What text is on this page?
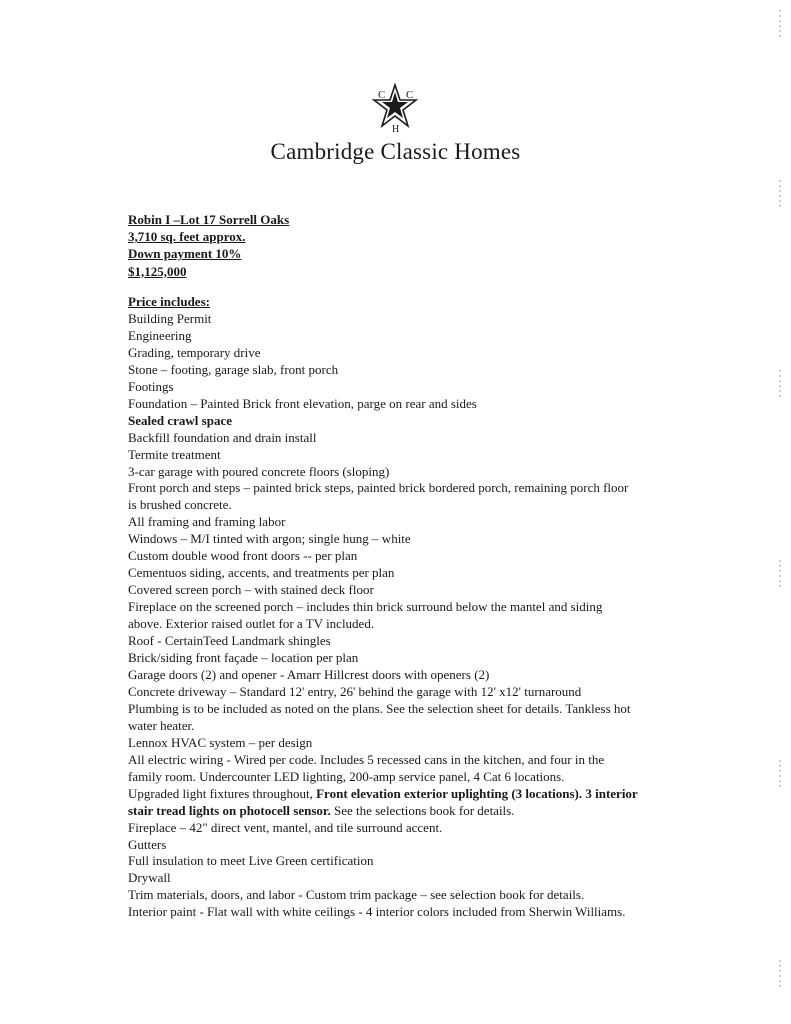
C C
H
Cambridge Classic Homes
Robin I –Lot 17 Sorrell Oaks
3,710 sq. feet approx.
Down payment 10%
$1,125,000
Price includes:
Building Permit
Engineering
Grading, temporary drive
Stone – footing, garage slab, front porch
Footings
Foundation – Painted Brick front elevation, parge on rear and sides
Sealed crawl space
Backfill foundation and drain install
Termite treatment
3-car garage with poured concrete floors (sloping)
Front porch and steps – painted brick steps, painted brick bordered porch, remaining porch floor
is brushed concrete.
All framing and framing labor
Windows – M/I tinted with argon; single hung – white
Custom double wood front doors -- per plan
Cementuos siding, accents, and treatments per plan
Covered screen porch – with stained deck floor
Fireplace on the screened porch – includes thin brick surround below the mantel and siding
above. Exterior raised outlet for a TV included.
Roof - CertainTeed Landmark shingles
Brick/siding front façade – location per plan
Garage doors (2) and opener - Amarr Hillcrest doors with openers (2)
Concrete driveway – Standard 12' entry, 26' behind the garage with 12' x12' turnaround
Plumbing is to be included as noted on the plans. See the selection sheet for details. Tankless hot
water heater.
Lennox HVAC system – per design
All electric wiring - Wired per code. Includes 5 recessed cans in the kitchen, and four in the
family room. Undercounter LED lighting, 200-amp service panel, 4 Cat 6 locations.
Upgraded light fixtures throughout, Front elevation exterior uplighting (3 locations). 3 interior
stair tread lights on photocell sensor. See the selections book for details.
Fireplace – 42" direct vent, mantel, and tile surround accent.
Gutters
Full insulation to meet Live Green certification
Drywall
Trim materials, doors, and labor - Custom trim package – see selection book for details.
Interior paint - Flat wall with white ceilings - 4 interior colors included from Sherwin Williams.
